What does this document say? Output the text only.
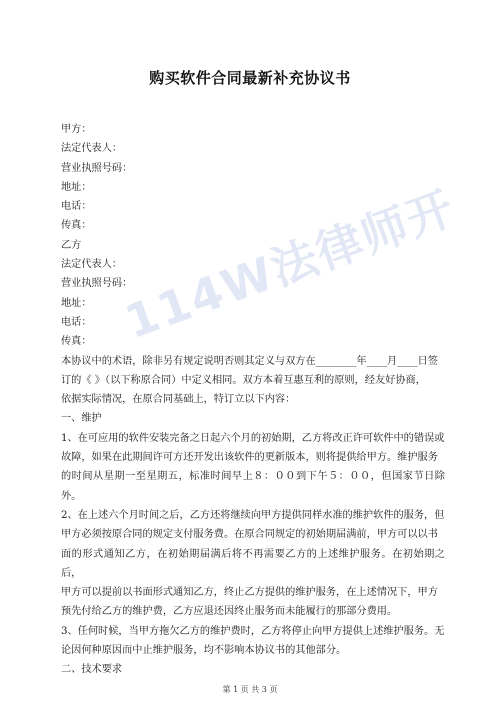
购买软件合同最新补充协议书
114W法律师开

甲方：

法定代表人：

营业执照号码：

地址：

电话：

传真：

乙方

法定代表人：

营业执照号码：

地址：

电话：

传真：

本协议中的术语，除非另有规定说明否则其定义与双方在________年____月____日签

订的《 》（以下称原合同）中定义相同。双方本着互惠互利的原则，经友好协商，

依据实际情况，在原合同基础上，特订立以下内容：

一、维护

1、在可应用的软件安装完备之日起六个月的初始期，乙方将改正许可软件中的错误或

故障，如果在此期间许可方还开发出该软件的更新版本，则将提供给甲方。维护服务

的时间从星期一至星期五，标准时间早上８：００到下午５：００，但国家节日除外。

2、在上述六个月时间之后，乙方还将继续向甲方提供同样水准的维护软件的服务，但

甲方必须按原合同的规定支付服务费。在原合同规定的初始期届满前，甲方可以以书

面的形式通知乙方，在初始期届满后将不再需要乙方的上述维护服务。在初始期之后，

甲方可以提前以书面形式通知乙方，终止乙方提供的维护服务，在上述情况下，甲方

预先付给乙方的维护费，乙方应退还因终止服务而未能履行的那部分费用。

3、任何时候，当甲方拖欠乙方的维护费时，乙方将停止向甲方提供上述维护服务。无

论因何种原因而中止维护服务，均不影响本协议书的其他部分。

二、技术要求

第 1 页 共 3 页
